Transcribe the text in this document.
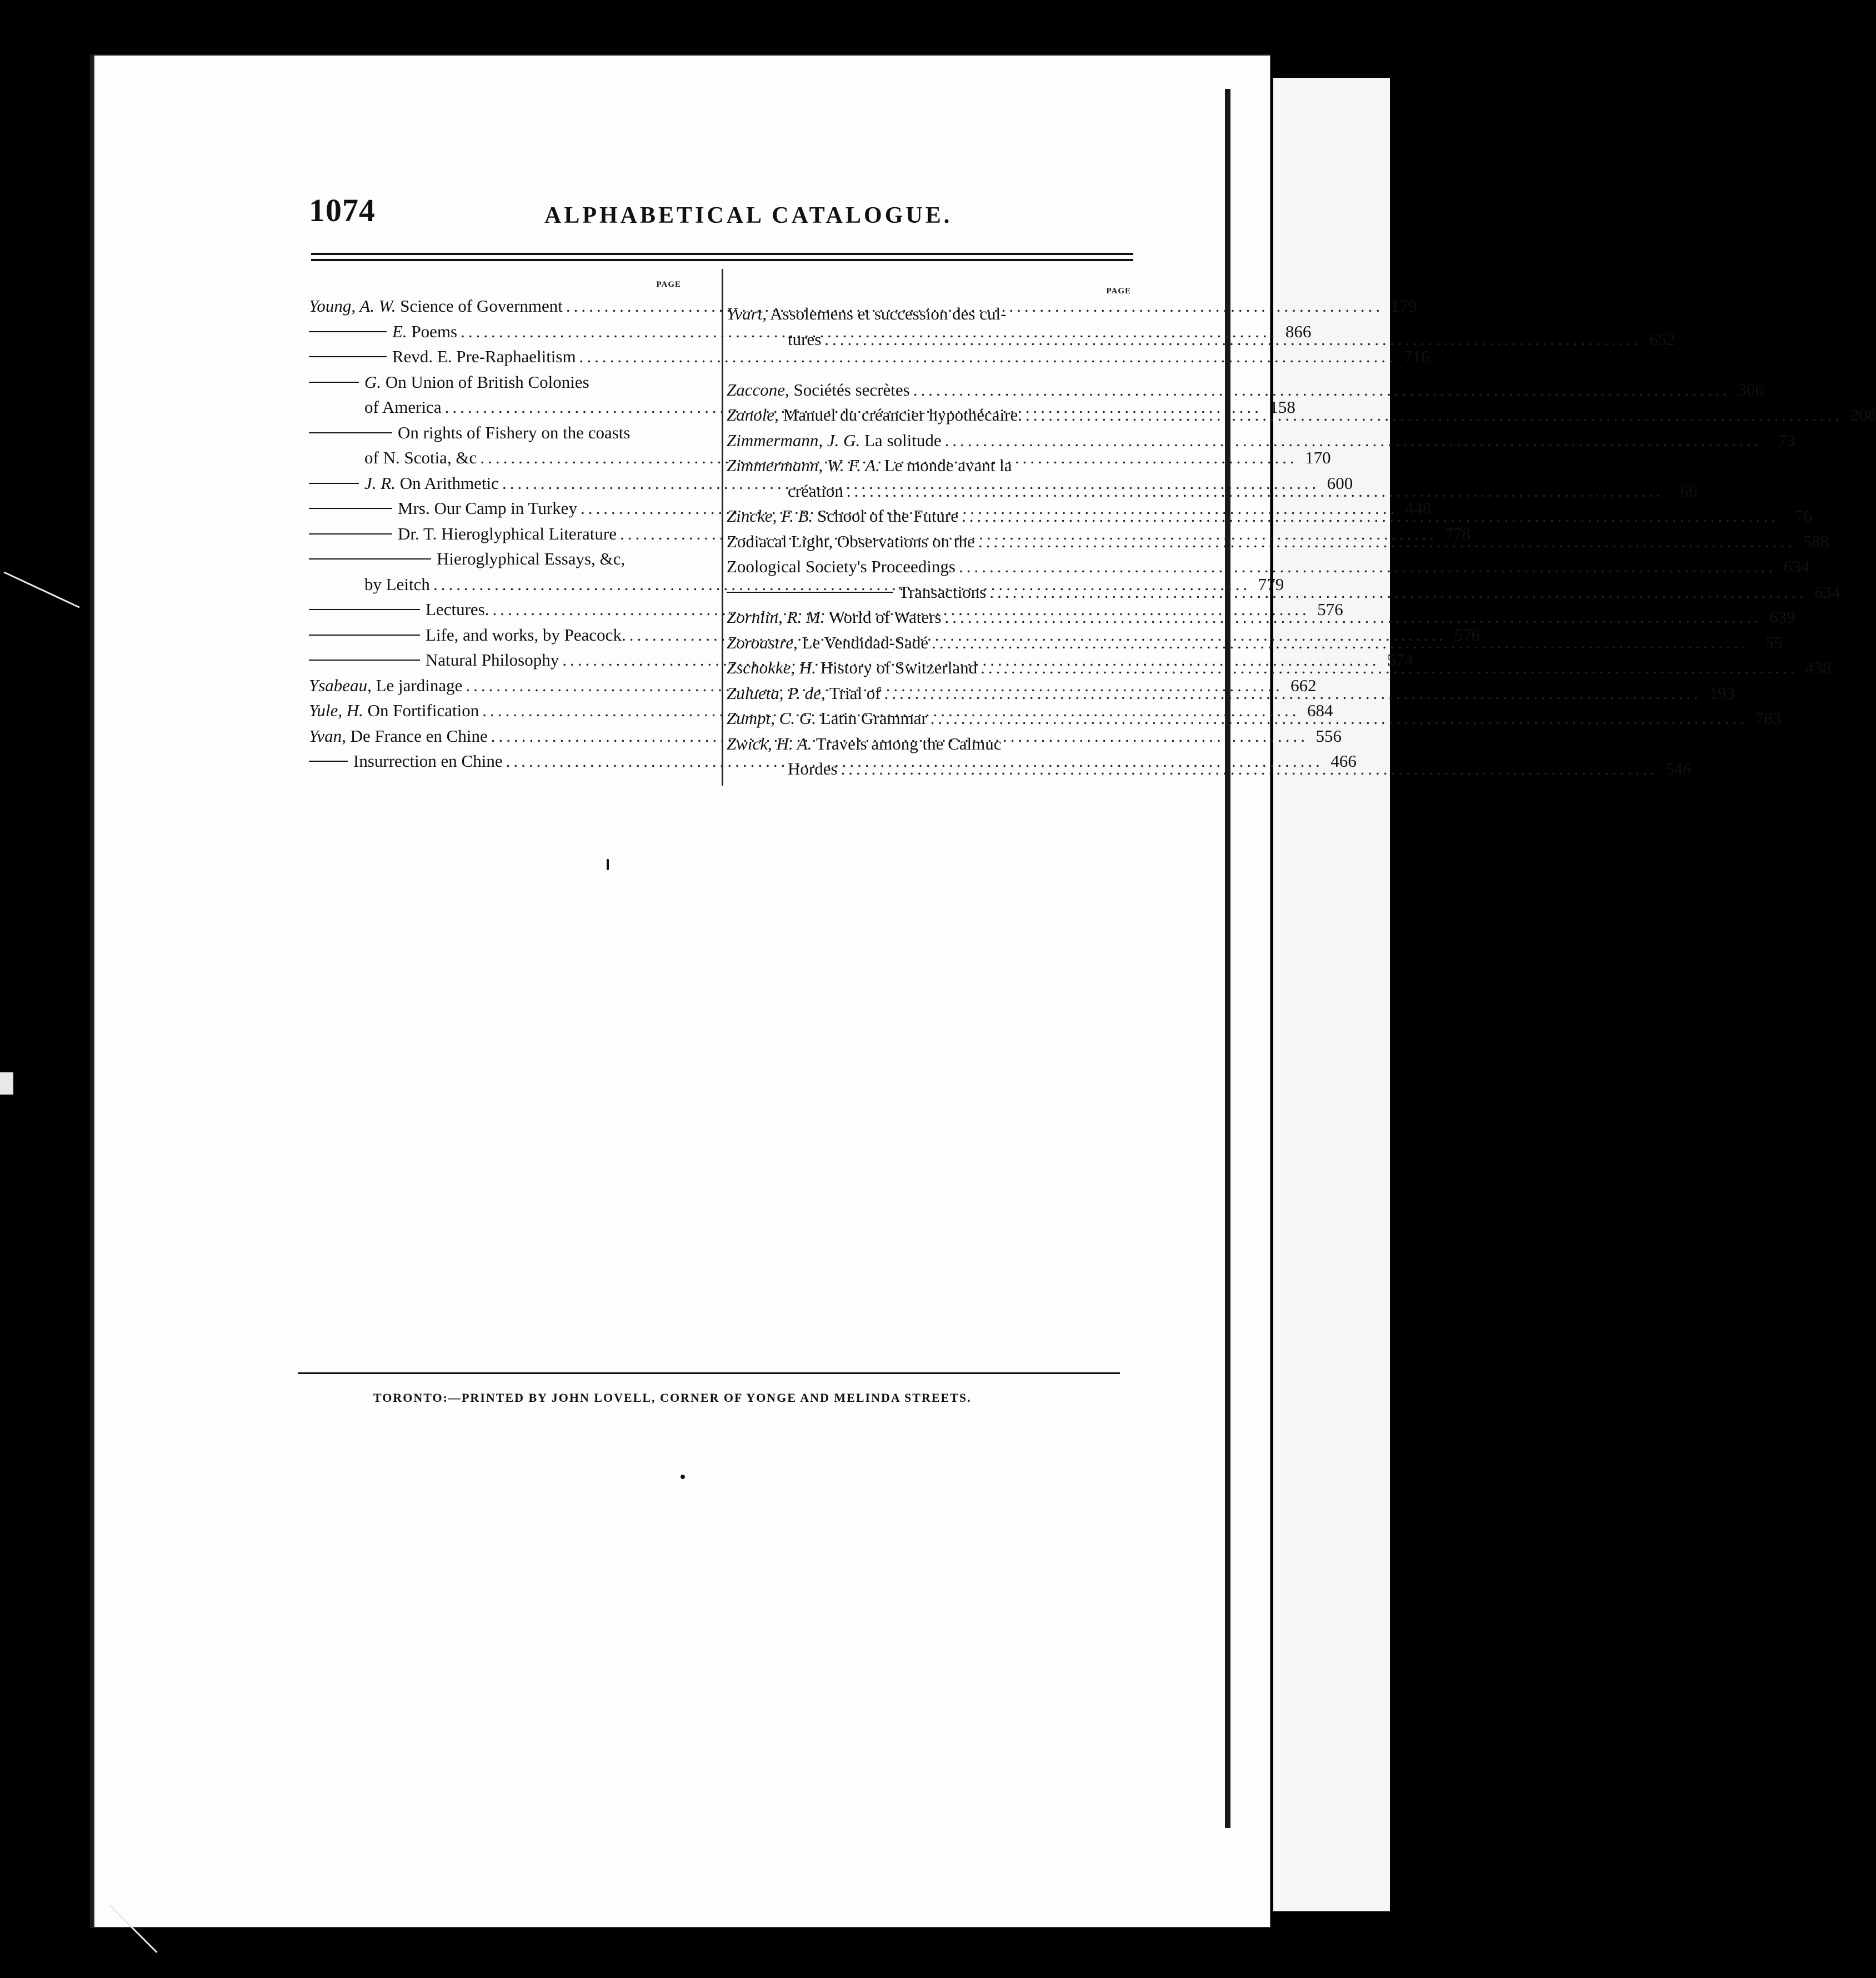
1074	ALPHABETICAL CATALOGUE.
PAGE
Young, A. W. Science of Government .....	179
E. Poems .....	866
Revd. E. Pre-Raphaelitism .....	716
G. On Union of British Colonies
of America .....	158
On rights of Fishery on the coasts
of N. Scotia, &c .....	170
J. R. On Arithmetic .....	600
Mrs. Our Camp in Turkey .....	448
Dr. T. Hieroglyphical Literature .....	778
Hieroglyphical Essays, &c,
by Leitch .....	779
Lectures. .....	576
Life, and works, by Peacock. .....	576
Natural Philosophy .....	574
Ysabeau, Le jardinage .....	662
Yule, H. On Fortification .....	684
Yvan, De France en Chine .....	556
Insurrection en Chine .....	466
PAGE
Yvart, Assolemens et succession des cul-
tures .....	652
Zaccone, Sociétés secrètes .....	306
Zanole, Manuel du créancier hypothécaire. .....	208
Zimmermann, J. G. La solitude .....	73
Zimmermann, W. F. A. Le monde avant la
création .....	66
Zincke, F. B. School of the Future .....	76
Zodiacal Light, Observations on the .....	588
Zoological Society's Proceedings .....	634
Transactions .....	634
Zornlin, R. M. World of Waters .....	639
Zoroastre, Le Vendidad-Sadé .....	55
Zschokke, H. History of Switzerland .....	438
Zulueta, P. de, Trial of .....	193
Zumpt, C. G. Latin Grammar .....	783
Zwick, H. A. Travels among the Calmuc
Hordes .....	546
TORONTO:—PRINTED BY JOHN LOVELL, CORNER OF YONGE AND MELINDA STREETS.
